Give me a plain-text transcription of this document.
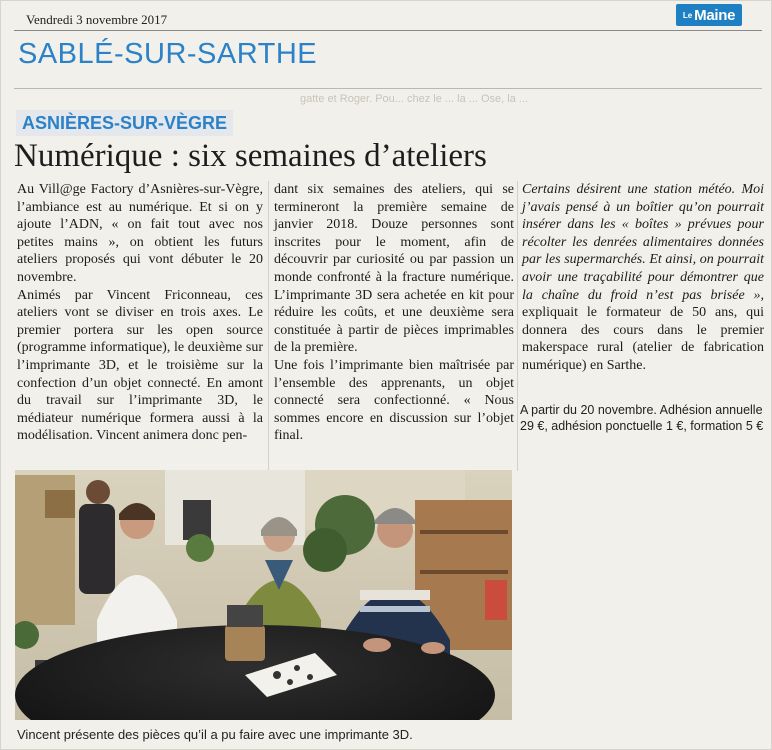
Vendredi 3 novembre 2017	Le Maine
SABLÉ-SUR-SARTHE
gatte et Roger. Pou... chez le ... la ... Ose, la ...
ASNIÈRES-SUR-VÈGRE
Numérique : six semaines d’ateliers

Au Vill@ge Factory d’Asnières-sur-Vègre, l’ambiance est au numérique. Et si on y ajoute l’ADN, « on fait tout avec nos petites mains », on obtient les futurs ateliers proposés qui vont débuter le 20 novembre.

Animés par Vincent Friconneau, ces ateliers vont se diviser en trois axes. Le premier portera sur les open source (programme informatique), le deuxième sur l’imprimante 3D, et le troisième sur la confection d’un objet connecté. En amont du travail sur l’imprimante 3D, le médiateur numérique formera aussi à la modélisation. Vincent animera donc pen-

dant six semaines des ateliers, qui se termineront la première semaine de janvier 2018. Douze personnes sont inscrites pour le moment, afin de découvrir par curiosité ou par passion un monde confronté à la fracture numérique. L’imprimante 3D sera achetée en kit pour réduire les coûts, et une deuxième sera constituée à partir de pièces imprimables de la première.

Une fois l’imprimante bien maîtrisée par l’ensemble des apprenants, un objet connecté sera confectionné. « Nous sommes encore en discussion sur l’objet final.

Certains désirent une station météo. Moi j’avais pensé à un boîtier qu’on pourrait insérer dans les « boîtes » prévues pour récolter les denrées alimentaires données par les supermarchés. Et ainsi, on pourrait avoir une traçabilité pour démontrer que la chaîne du froid n’est pas brisée », expliquait le formateur de 50 ans, qui donnera des cours dans le premier makerspace rural (atelier de fabrication numérique) en Sarthe.

A partir du 20 novembre. Adhésion annuelle 29 €, adhésion ponctuelle 1 €, formation 5 €
Vincent présente des pièces qu’il a pu faire avec une imprimante 3D.
